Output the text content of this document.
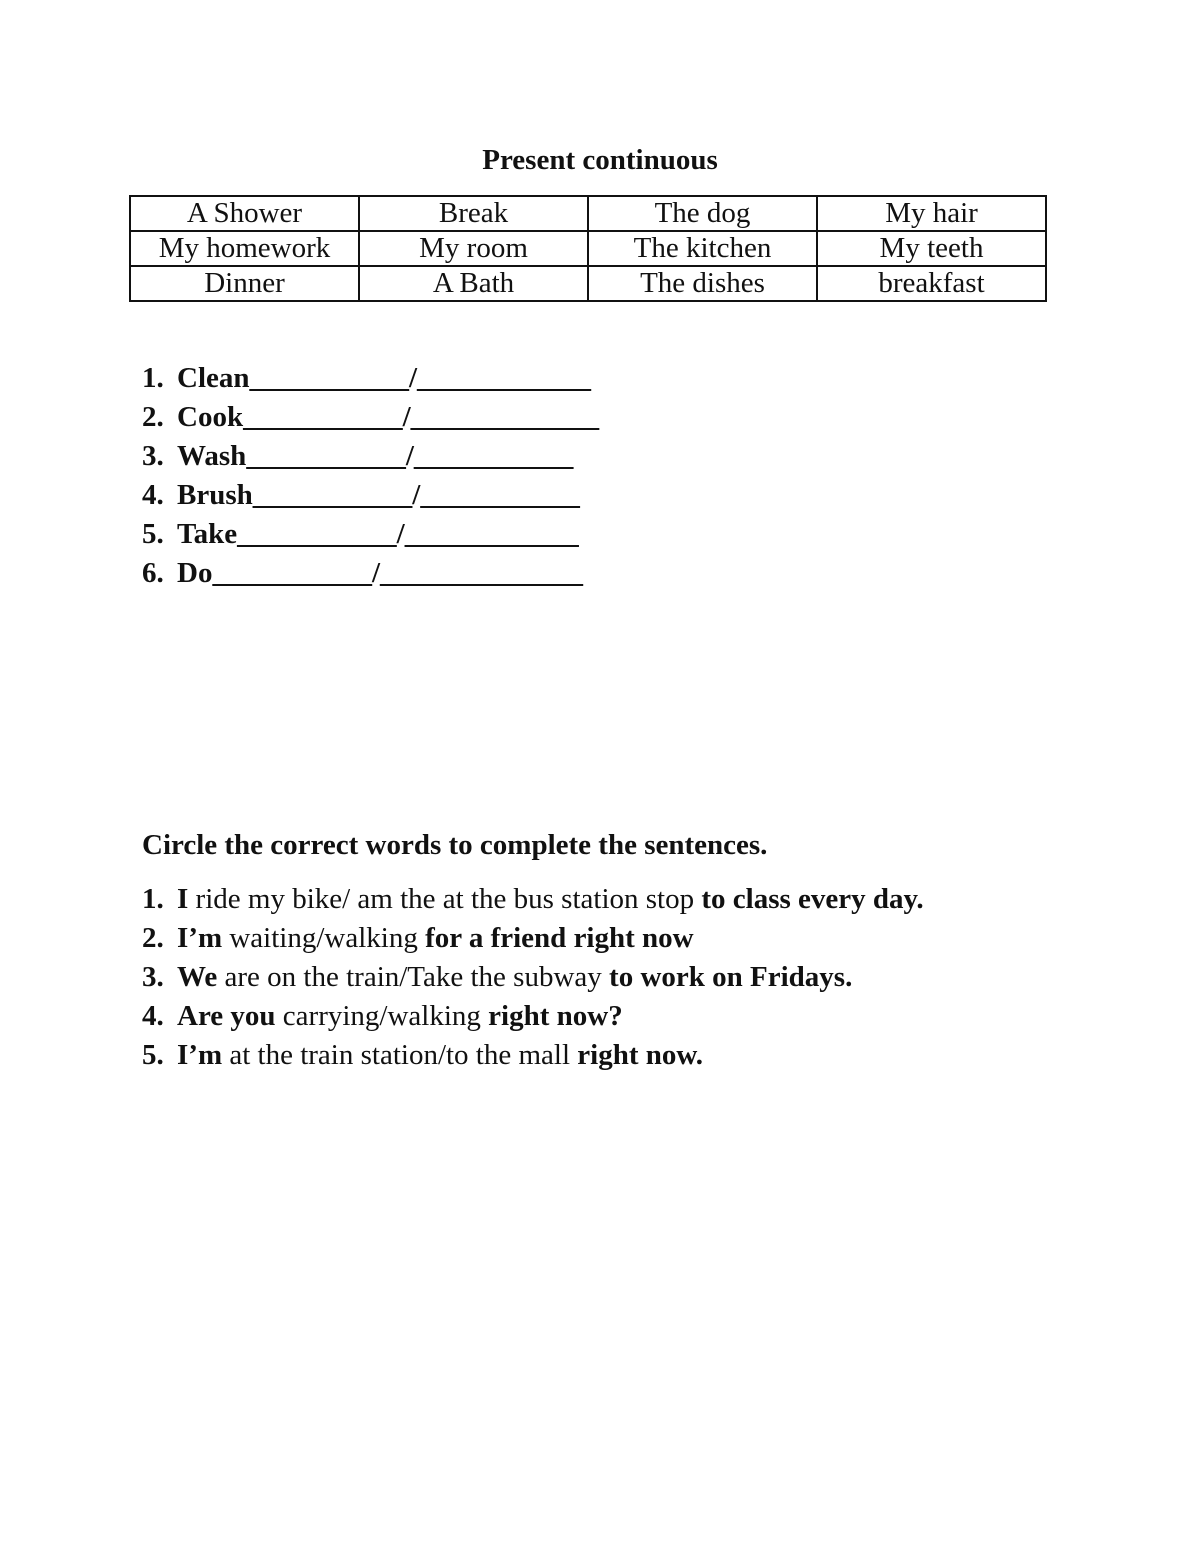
Present continuous
A Shower	Break	The dog	My hair
My homework	My room	The kitchen	My teeth
Dinner	A Bath	The dishes	breakfast
1. Clean___________/____________
2. Cook___________/_____________
3. Wash___________/___________
4. Brush___________/___________
5. Take___________/____________
6. Do___________/______________
Circle the correct words to complete the sentences.
1. I ride my bike/ am the at the bus station stop to class every day.
2. I’m waiting/walking for a friend right now
3. We are on the train/Take the subway to work on Fridays.
4. Are you carrying/walking right now?
5. I’m at the train station/to the mall right now.
